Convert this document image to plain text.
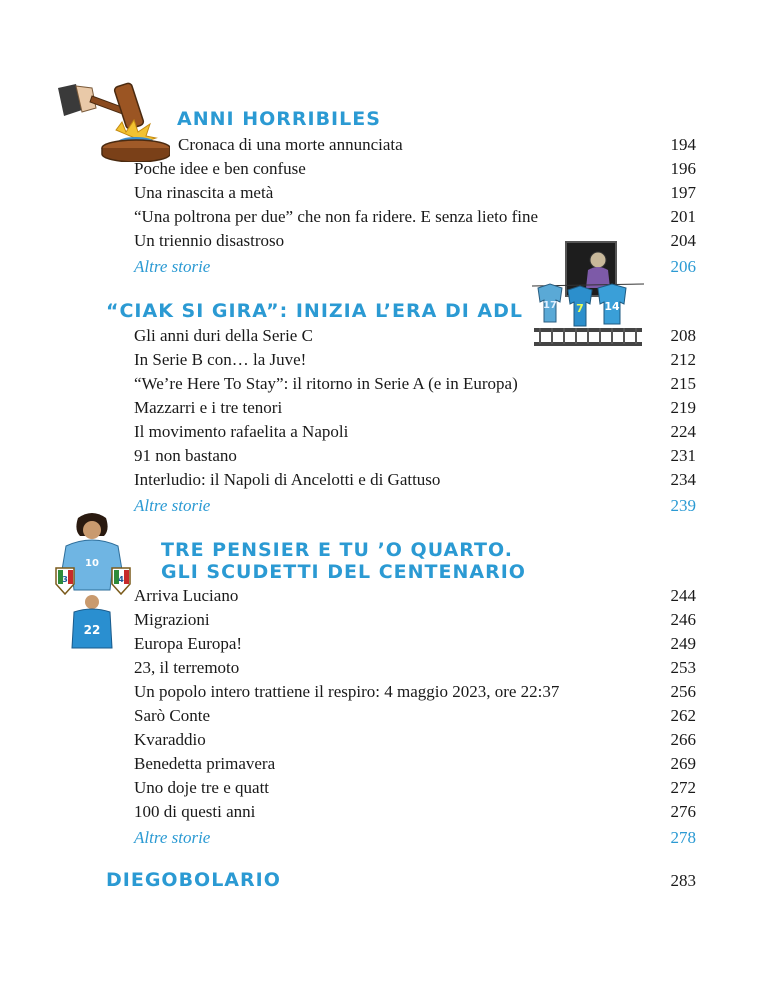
ANNI HORRIBILES
Cronaca di una morte annunciata	194
Poche idee e ben confuse	196
Una rinascita a metà	197
“Una poltrona per due” che non fa ridere. E senza lieto fine	201
Un triennio disastroso	204
Altre storie	206
17 7 14
“CIAK SI GIRA”: INIZIA L’ERA DI ADL
Gli anni duri della Serie C	208
In Serie B con… la Juve!	212
“We’re Here To Stay”: il ritorno in Serie A (e in Europa)	215
Mazzarri e i tre tenori	219
Il movimento rafaelita a Napoli	224
91 non bastano	231
Interludio: il Napoli di Ancelotti e di Gattuso	234
Altre storie	239
10
3	4
22
TRE PENSIER E TU ’O QUARTO.
GLI SCUDETTI DEL CENTENARIO
Arriva Luciano	244
Migrazioni	246
Europa Europa!	249
23, il terremoto	253
Un popolo intero trattiene il respiro: 4 maggio 2023, ore 22:37	256
Sarò Conte	262
Kvaraddio	266
Benedetta primavera	269
Uno doje tre e quatt	272
100 di questi anni	276
Altre storie	278
DIEGOBOLARIO	283
